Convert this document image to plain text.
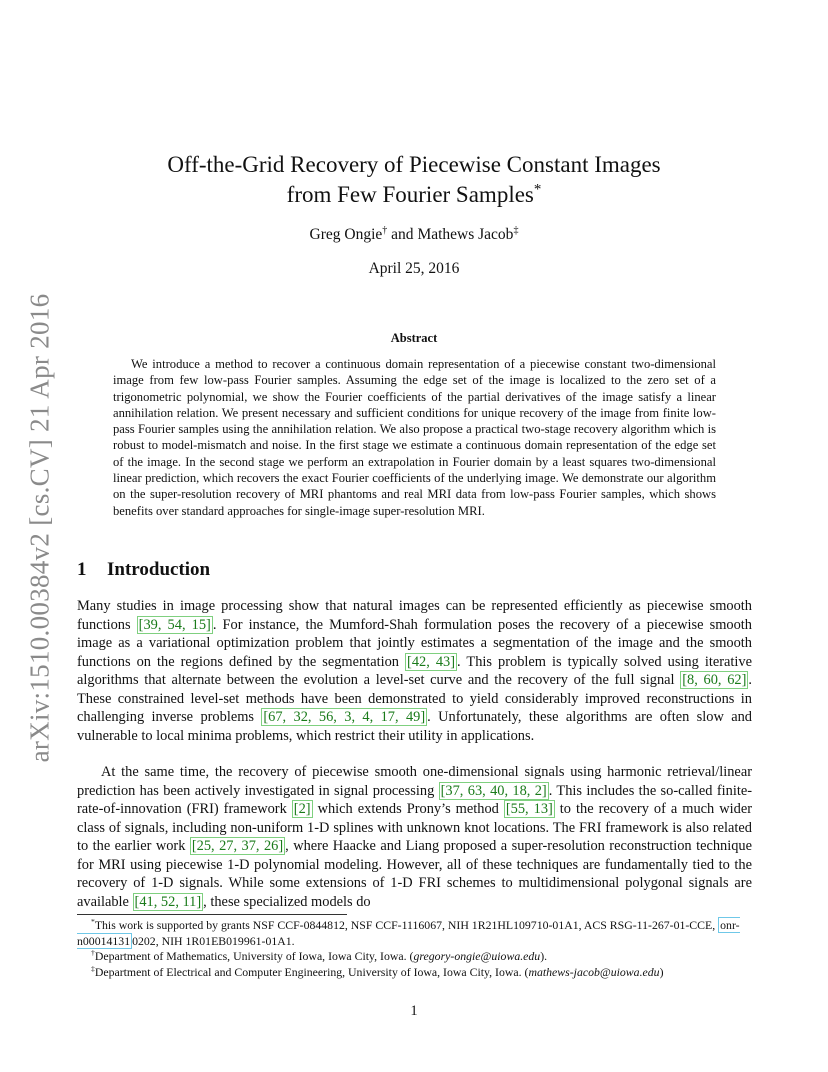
arXiv:1510.00384v2 [cs.CV] 21 Apr 2016
Off-the-Grid Recovery of Piecewise Constant Images
from Few Fourier Samples*
Greg Ongie† and Mathews Jacob‡
April 25, 2016
Abstract
We introduce a method to recover a continuous domain representation of a piecewise constant two-dimensional image from few low-pass Fourier samples. Assuming the edge set of the image is localized to the zero set of a trigonometric polynomial, we show the Fourier coefficients of the partial derivatives of the image satisfy a linear annihilation relation. We present necessary and sufficient conditions for unique recovery of the image from finite low-pass Fourier samples using the annihilation relation. We also propose a practical two-stage recovery algorithm which is robust to model-mismatch and noise. In the first stage we estimate a continuous domain representation of the edge set of the image. In the second stage we perform an extrapolation in Fourier domain by a least squares two-dimensional linear prediction, which recovers the exact Fourier coefficients of the underlying image. We demonstrate our algorithm on the super-resolution recovery of MRI phantoms and real MRI data from low-pass Fourier samples, which shows benefits over standard approaches for single-image super-resolution MRI.
1 Introduction
Many studies in image processing show that natural images can be represented efficiently as piecewise smooth functions [39, 54, 15] . For instance, the Mumford-Shah formulation poses the recovery of a piecewise smooth image as a variational optimization problem that jointly estimates a segmentation of the image and the smooth functions on the regions defined by the segmentation [42, 43] . This problem is typically solved using iterative algorithms that alternate between the evolution a level-set curve and the recovery of the full signal [8, 60, 62] . These constrained level-set methods have been demonstrated to yield considerably improved reconstructions in challenging inverse problems [67, 32, 56, 3, 4, 17, 49] . Unfortunately, these algorithms are often slow and vulnerable to local minima problems, which restrict their utility in applications.
At the same time, the recovery of piecewise smooth one-dimensional signals using harmonic retrieval/linear prediction has been actively investigated in signal processing [37, 63, 40, 18, 2] . This includes the so-called finite-rate-of-innovation (FRI) framework [2] which extends Prony’s method [55, 13] to the recovery of a much wider class of signals, including non-uniform 1-D splines with unknown knot locations. The FRI framework is also related to the earlier work [25, 27, 37, 26] , where Haacke and Liang proposed a super-resolution reconstruction technique for MRI using piecewise 1-D polynomial modeling. However, all of these techniques are fundamentally tied to the recovery of 1-D signals. While some extensions of 1-D FRI schemes to multidimensional polygonal signals are available [41, 52, 11] , these specialized models do

*This work is supported by grants NSF CCF-0844812, NSF CCF-1116067, NIH 1R21HL109710-01A1, ACS RSG-11-267-01-CCE, onr-n00014131 0202, NIH 1R01EB019961-01A1.

†Department of Mathematics, University of Iowa, Iowa City, Iowa. (gregory-ongie@uiowa.edu).

‡Department of Electrical and Computer Engineering, University of Iowa, Iowa City, Iowa. (mathews-jacob@uiowa.edu)

1
